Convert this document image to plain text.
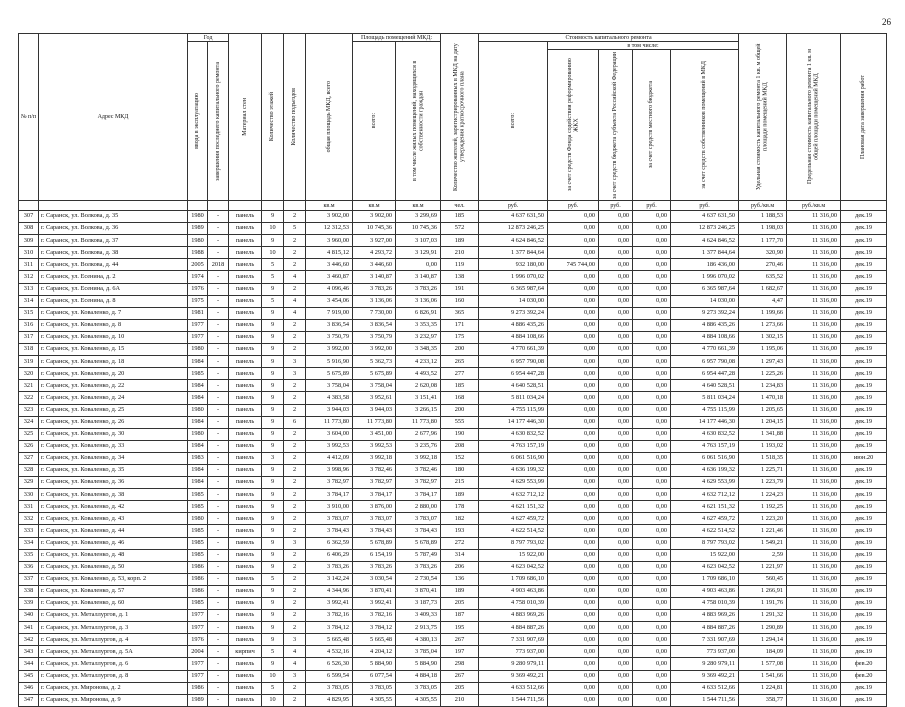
26
№ п/п	Адрес МКД	Год		Материал стен	Количество этажей	Количество подъездов	общая площадь МКД, всего	Площадь помещений МКД:		Количество жителей, зарегистрированных в МКД на дату утверждения краткосрочного плана	Стоимость капитального ремонта					Удельная стоимость капитального ремонта 1 кв. м общей площади помещений МКД	Предельная стоимость капитального ремонта 1 кв. м общей площади помещений МКД	Плановая дата завершения работ

		ввода в эксплуатацию	завершения последнего капитального ремонта					всего:	в том числе жилых помещений, находящихся в собственности граждан		всего:	в том числе:						

												за счет средств Фонда содействия реформированию ЖКХ	за счет средств бюджета субъекта Российской Федерации	за счет средств местного бюджета	за счет средств собственников помещений в МКД			

							кв.м	кв.м	кв.м	чел.	руб.	руб.	руб.	руб.	руб.	руб./кв.м	руб./кв.м	
307	г. Саранск, ул. Волкова, д. 35	1980	-	панель	9	2	3 902,00	3 902,00	3 299,69	185	4 637 631,50	0,00	0,00	0,00	4 637 631,50	1 188,53	11 316,00	дек.19
308	г. Саранск, ул. Волкова, д. 36	1989	-	панель	10	5	12 312,53	10 745,36	10 745,36	572	12 873 246,25	0,00	0,00	0,00	12 873 246,25	1 198,03	11 316,00	дек.19
309	г. Саранск, ул. Волкова, д. 37	1980	-	панель	9	2	3 960,00	3 927,00	3 107,03	189	4 624 846,52	0,00	0,00	0,00	4 624 846,52	1 177,70	11 316,00	дек.19
310	г. Саранск, ул. Волкова, д. 38	1988	-	панель	10	2	4 815,12	4 293,72	3 129,91	210	1 377 844,64	0,00	0,00	0,00	1 377 844,64	320,90	11 316,00	дек.19
311	г. Саранск, ул. Волкова, д. 44	2005	2018	панель	5	2	3 446,60	3 446,60	0,00	119	932 180,00	745 744,00	0,00	0,00	186 436,00	270,46	11 316,00	дек.19
312	г. Саранск, ул. Есенина, д. 2	1974	-	панель	5	4	3 460,87	3 140,87	3 140,87	138	1 996 070,02	0,00	0,00	0,00	1 996 070,02	635,52	11 316,00	дек.19
313	г. Саранск, ул. Есенина, д. 6А	1976	-	панель	9	2	4 096,46	3 783,26	3 783,26	191	6 365 987,64	0,00	0,00	0,00	6 365 987,64	1 682,67	11 316,00	дек.19
314	г. Саранск, ул. Есенина, д. 8	1975	-	панель	5	4	3 454,06	3 136,06	3 136,06	160	14 030,00	0,00	0,00	0,00	14 030,00	4,47	11 316,00	дек.19
315	г. Саранск, ул. Коваленко, д. 7	1981	-	панель	9	4	7 919,00	7 730,00	6 826,91	365	9 273 392,24	0,00	0,00	0,00	9 273 392,24	1 199,66	11 316,00	дек.19
316	г. Саранск, ул. Коваленко, д. 8	1977	-	панель	9	2	3 836,54	3 836,54	3 353,35	171	4 886 435,26	0,00	0,00	0,00	4 886 435,26	1 273,66	11 316,00	дек.19
317	г. Саранск, ул. Коваленко, д. 10	1977	-	панель	9	2	3 750,79	3 750,79	3 232,97	175	4 884 108,66	0,00	0,00	0,00	4 884 108,66	1 302,15	11 316,00	дек.19
318	г. Саранск, ул. Коваленко, д. 15	1980	-	панель	9	2	3 992,00	3 992,00	3 348,35	200	4 770 661,39	0,00	0,00	0,00	4 770 661,39	1 195,06	11 316,00	дек.19
319	г. Саранск, ул. Коваленко, д. 18	1984	-	панель	9	3	5 916,90	5 362,73	4 233,12	265	6 957 790,08	0,00	0,00	0,00	6 957 790,08	1 297,43	11 316,00	дек.19
320	г. Саранск, ул. Коваленко, д. 20	1985	-	панель	9	3	5 675,89	5 675,89	4 493,52	277	6 954 447,28	0,00	0,00	0,00	6 954 447,28	1 225,26	11 316,00	дек.19
321	г. Саранск, ул. Коваленко, д. 22	1984	-	панель	9	2	3 758,04	3 758,04	2 620,08	185	4 640 528,51	0,00	0,00	0,00	4 640 528,51	1 234,83	11 316,00	дек.19
322	г. Саранск, ул. Коваленко, д. 24	1984	-	панель	9	2	4 383,58	3 952,61	3 151,41	168	5 811 034,24	0,00	0,00	0,00	5 811 034,24	1 470,18	11 316,00	дек.19
323	г. Саранск, ул. Коваленко, д. 25	1980	-	панель	9	2	3 944,03	3 944,03	3 266,15	200	4 755 115,99	0,00	0,00	0,00	4 755 115,99	1 205,65	11 316,00	дек.19
324	г. Саранск, ул. Коваленко, д. 26	1984	-	панель	9	6	11 773,80	11 773,80	11 773,80	555	14 177 446,30	0,00	0,00	0,00	14 177 446,30	1 204,15	11 316,00	дек.19
325	г. Саранск, ул. Коваленко, д. 30	1980	-	панель	9	2	3 604,00	3 451,00	2 677,96	190	4 630 832,52	0,00	0,00	0,00	4 630 832,52	1 341,88	11 316,00	дек.19
326	г. Саранск, ул. Коваленко, д. 33	1984	-	панель	9	2	3 992,53	3 992,53	3 235,76	208	4 763 157,19	0,00	0,00	0,00	4 763 157,19	1 193,02	11 316,00	дек.19
327	г. Саранск, ул. Коваленко, д. 34	1983	-	панель	3	2	4 412,09	3 992,18	3 992,18	152	6 061 516,90	0,00	0,00	0,00	6 061 516,90	1 518,35	11 316,00	июн.20
328	г. Саранск, ул. Коваленко, д. 35	1984	-	панель	9	2	3 998,96	3 782,46	3 782,46	180	4 636 199,32	0,00	0,00	0,00	4 636 199,32	1 225,71	11 316,00	дек.19
329	г. Саранск, ул. Коваленко, д. 36	1984	-	панель	9	2	3 782,97	3 782,97	3 782,97	215	4 629 553,99	0,00	0,00	0,00	4 629 553,99	1 223,79	11 316,00	дек.19
330	г. Саранск, ул. Коваленко, д. 38	1985	-	панель	9	2	3 784,17	3 784,17	3 784,17	189	4 632 712,12	0,00	0,00	0,00	4 632 712,12	1 224,23	11 316,00	дек.19
331	г. Саранск, ул. Коваленко, д. 42	1985	-	панель	9	2	3 910,00	3 876,00	2 880,00	178	4 621 151,32	0,00	0,00	0,00	4 621 151,32	1 192,25	11 316,00	дек.19
332	г. Саранск, ул. Коваленко, д. 43	1980	-	панель	9	2	3 783,07	3 783,07	3 783,07	182	4 627 459,72	0,00	0,00	0,00	4 627 459,72	1 223,20	11 316,00	дек.19
333	г. Саранск, ул. Коваленко, д. 44	1985	-	панель	9	2	3 784,43	3 784,43	3 784,43	193	4 622 514,52	0,00	0,00	0,00	4 622 514,52	1 221,46	11 316,00	дек.19
334	г. Саранск, ул. Коваленко, д. 46	1985	-	панель	9	3	6 362,59	5 678,89	5 678,89	272	8 797 793,02	0,00	0,00	0,00	8 797 793,02	1 549,21	11 316,00	дек.19
335	г. Саранск, ул. Коваленко, д. 48	1985	-	панель	9	2	6 406,29	6 154,19	5 787,49	314	15 922,00	0,00	0,00	0,00	15 922,00	2,59	11 316,00	дек.19
336	г. Саранск, ул. Коваленко, д. 50	1986	-	панель	9	2	3 783,26	3 783,26	3 783,26	206	4 623 042,52	0,00	0,00	0,00	4 623 042,52	1 221,97	11 316,00	дек.19
337	г. Саранск, ул. Коваленко, д. 53, корп. 2	1986	-	панель	5	2	3 142,24	3 030,54	2 730,54	136	1 709 686,10	0,00	0,00	0,00	1 709 686,10	560,45	11 316,00	дек.19
338	г. Саранск, ул. Коваленко, д. 57	1986	-	панель	9	2	4 344,96	3 870,41	3 870,41	189	4 903 463,86	0,00	0,00	0,00	4 903 463,86	1 266,91	11 316,00	дек.19
339	г. Саранск, ул. Коваленко, д. 60	1985	-	панель	9	2	3 992,41	3 992,41	3 187,73	205	4 758 010,39	0,00	0,00	0,00	4 758 010,39	1 191,76	11 316,00	дек.19
340	г. Саранск, ул. Металлургов, д. 1	1977	-	панель	9	2	3 782,16	3 782,16	3 409,33	187	4 883 969,26	0,00	0,00	0,00	4 883 969,26	1 291,32	11 316,00	дек.19
341	г. Саранск, ул. Металлургов, д. 3	1977	-	панель	9	2	3 784,12	3 784,12	2 913,75	195	4 884 887,26	0,00	0,00	0,00	4 884 887,26	1 290,89	11 316,00	дек.19
342	г. Саранск, ул. Металлургов, д. 4	1976	-	панель	9	3	5 665,48	5 665,48	4 380,13	267	7 331 907,69	0,00	0,00	0,00	7 331 907,69	1 294,14	11 316,00	дек.19
343	г. Саранск, ул. Металлургов, д. 5А	2004	-	кирпич	5	4	4 532,16	4 204,12	3 785,04	197	773 937,00	0,00	0,00	0,00	773 937,00	184,09	11 316,00	дек.19
344	г. Саранск, ул. Металлургов, д. 6	1977	-	панель	9	4	6 526,30	5 884,90	5 884,90	298	9 280 979,11	0,00	0,00	0,00	9 280 979,11	1 577,08	11 316,00	фев.20
345	г. Саранск, ул. Металлургов, д. 8	1977	-	панель	10	3	6 599,54	6 077,54	4 884,18	267	9 369 492,21	0,00	0,00	0,00	9 369 492,21	1 541,66	11 316,00	фев.20
346	г. Саранск, ул. Миронова, д. 2	1986	-	панель	5	2	3 783,05	3 783,05	3 783,05	205	4 633 512,66	0,00	0,00	0,00	4 633 512,66	1 224,81	11 316,00	дек.19
347	г. Саранск, ул. Миронова, д. 9	1989	-	панель	10	2	4 829,95	4 305,55	4 305,55	210	1 544 711,56	0,00	0,00	0,00	1 544 711,56	358,77	11 316,00	дек.19
